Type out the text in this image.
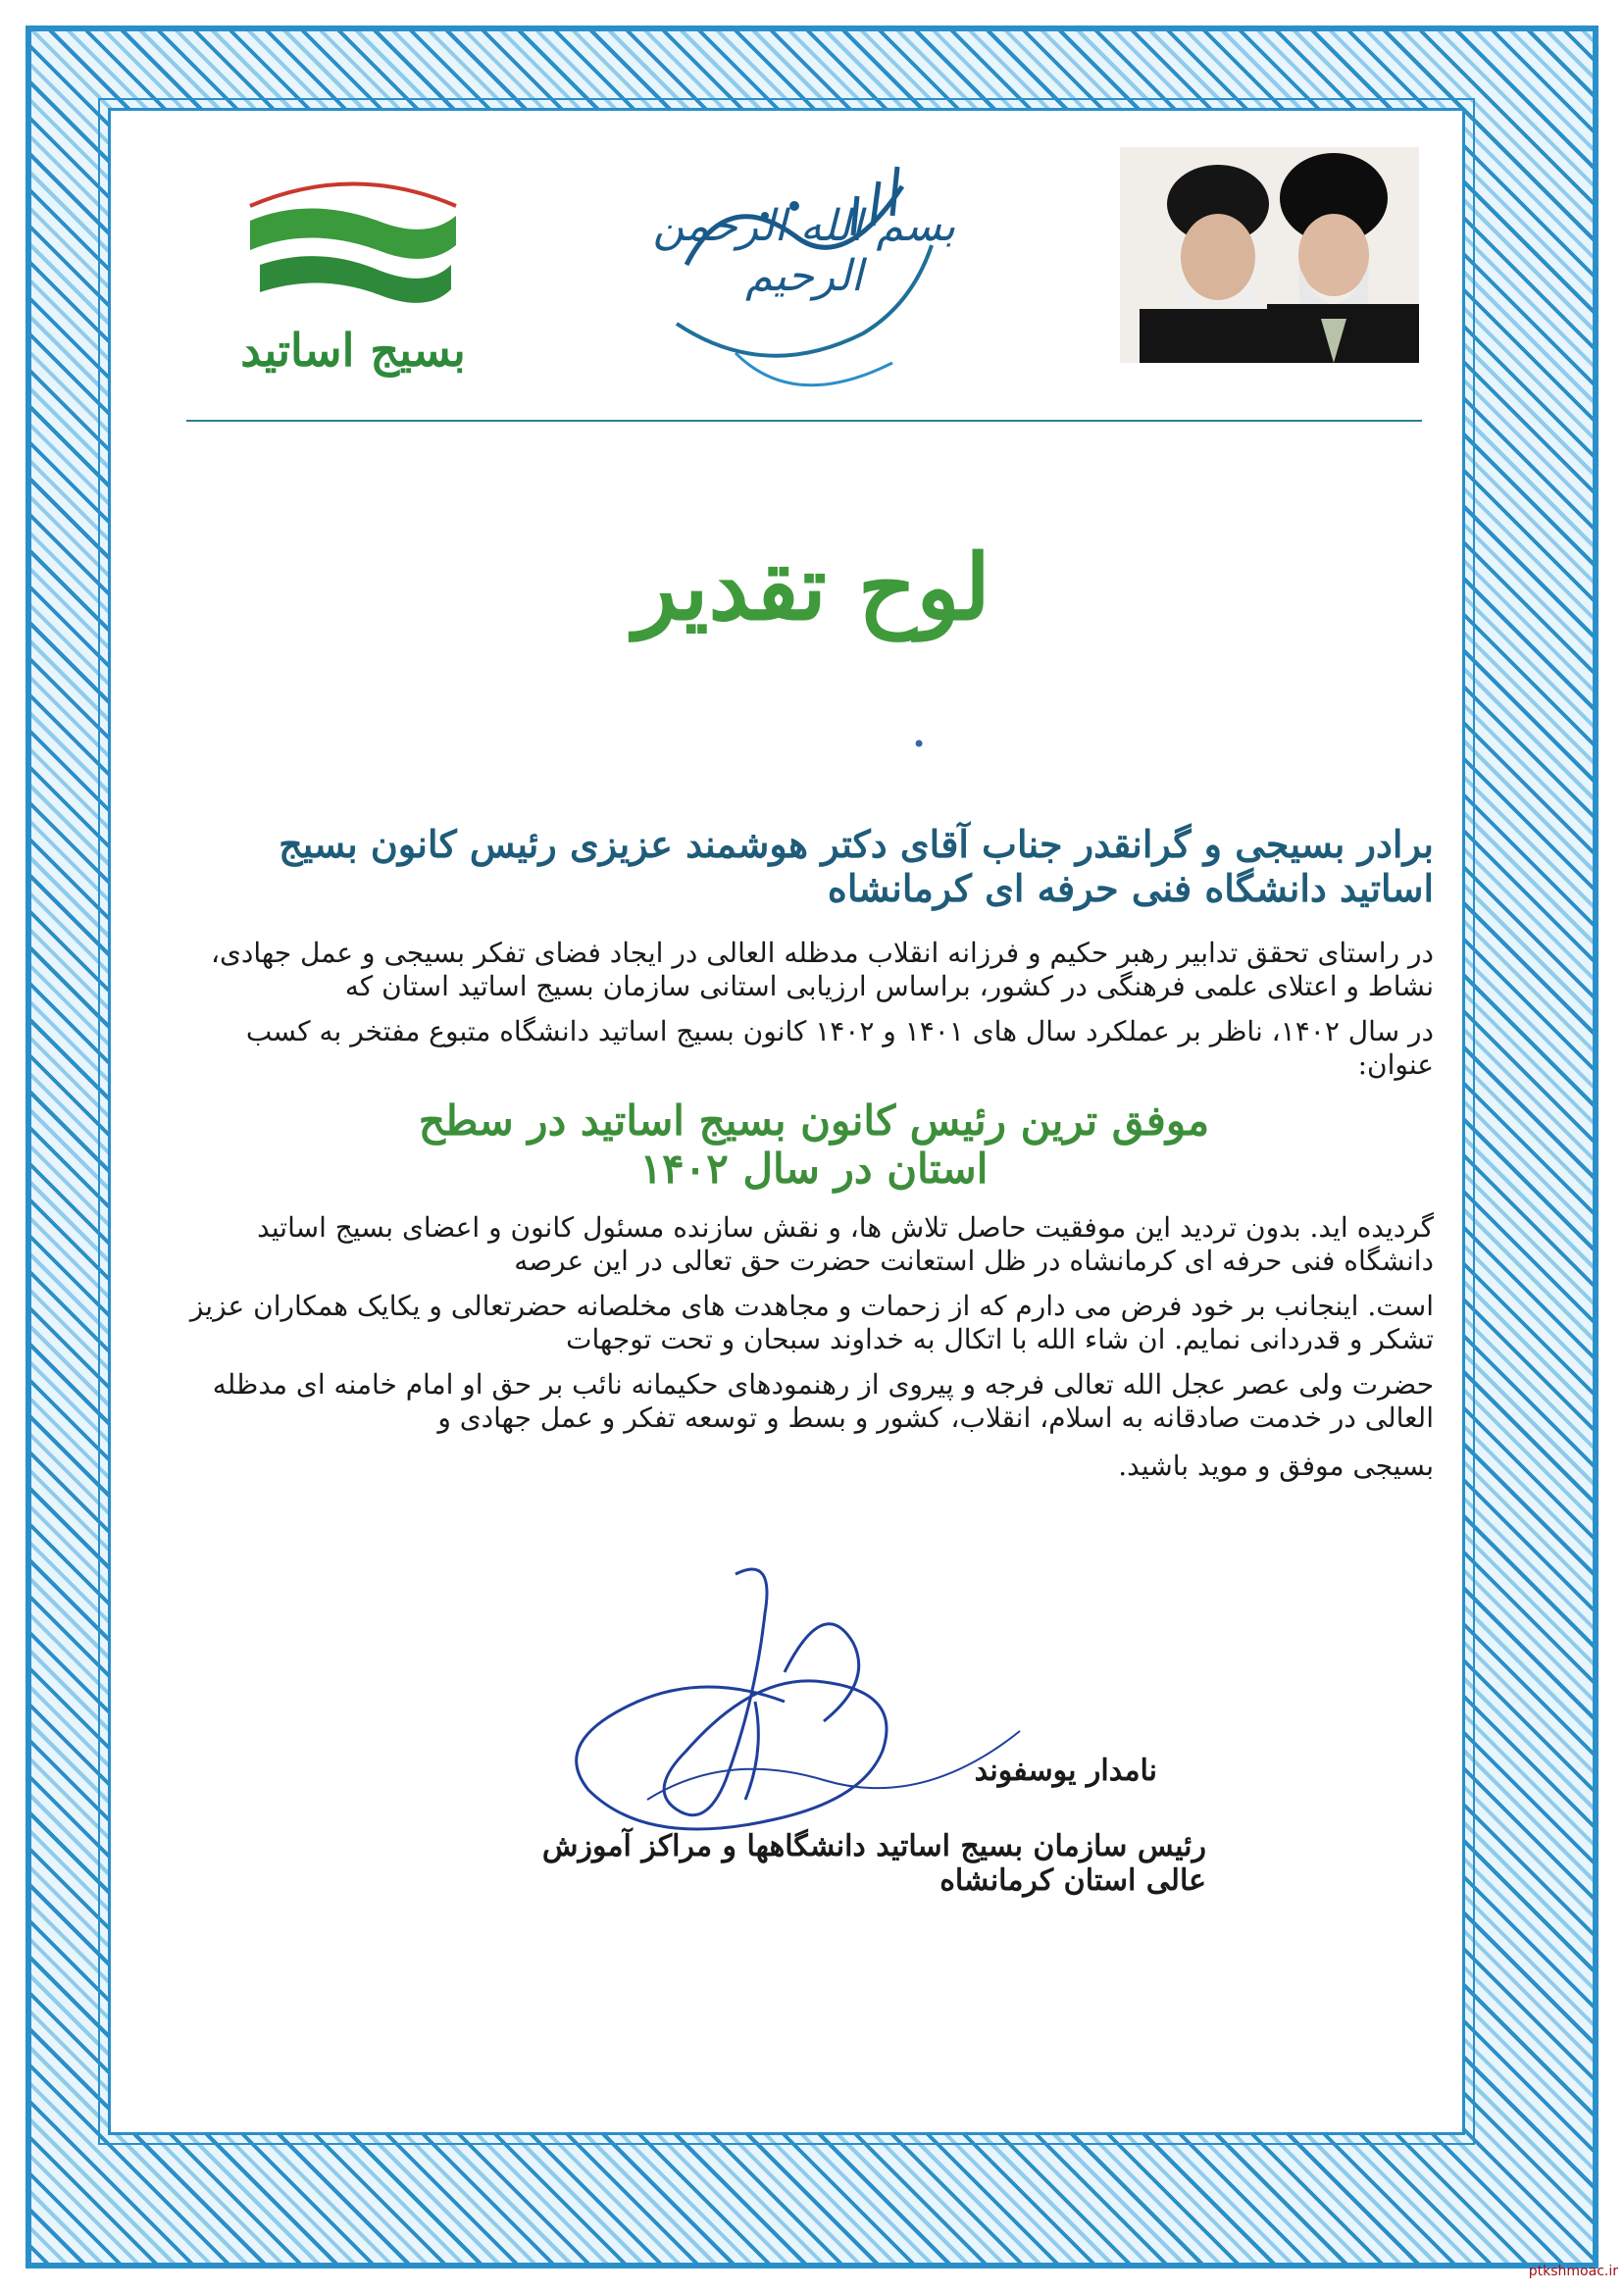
بسم الله الرحمن الرحیم
بسیج اساتید
لوح تقدیر
•
برادر بسیجی و گرانقدر جناب آقای دکتر هوشمند عزیزی رئیس کانون بسیج اساتید دانشگاه فنی حرفه ای کرمانشاه
در راستای تحقق تدابیر رهبر حکیم و فرزانه انقلاب مدظله العالی در ایجاد فضای تفکر بسیجی و عمل جهادی، نشاط و اعتلای علمی فرهنگی در کشور، براساس ارزیابی استانی سازمان بسیج اساتید استان که
در سال ۱۴۰۲، ناظر بر عملکرد سال های ۱۴۰۱ و ۱۴۰۲ کانون بسیج اساتید دانشگاه متبوع مفتخر به کسب عنوان:
موفق ترین رئیس کانون بسیج اساتید در سطح استان در سال ۱۴۰۲
گردیده اید. بدون تردید این موفقیت حاصل تلاش ها، و نقش سازنده مسئول کانون و اعضای بسیج اساتید دانشگاه فنی حرفه ای کرمانشاه در ظل استعانت حضرت حق تعالی در این عرصه
است. اینجانب بر خود فرض می دارم که از زحمات و مجاهدت های مخلصانه حضرتعالی و یکایک همکاران عزیز تشکر و قدردانی نمایم. ان شاء الله با اتکال به خداوند سبحان و تحت توجهات
حضرت ولی عصر عجل الله تعالی فرجه و پیروی از رهنمودهای حکیمانه نائب بر حق او امام خامنه ای مدظله العالی در خدمت صادقانه به اسلام، انقلاب، کشور و بسط و توسعه تفکر و عمل جهادی و
بسیجی موفق و موید باشید.
نامدار یوسفوند
رئیس سازمان بسیج اساتید دانشگاهها و مراکز آموزش عالی استان کرمانشاه
ptkshmoac.ir
